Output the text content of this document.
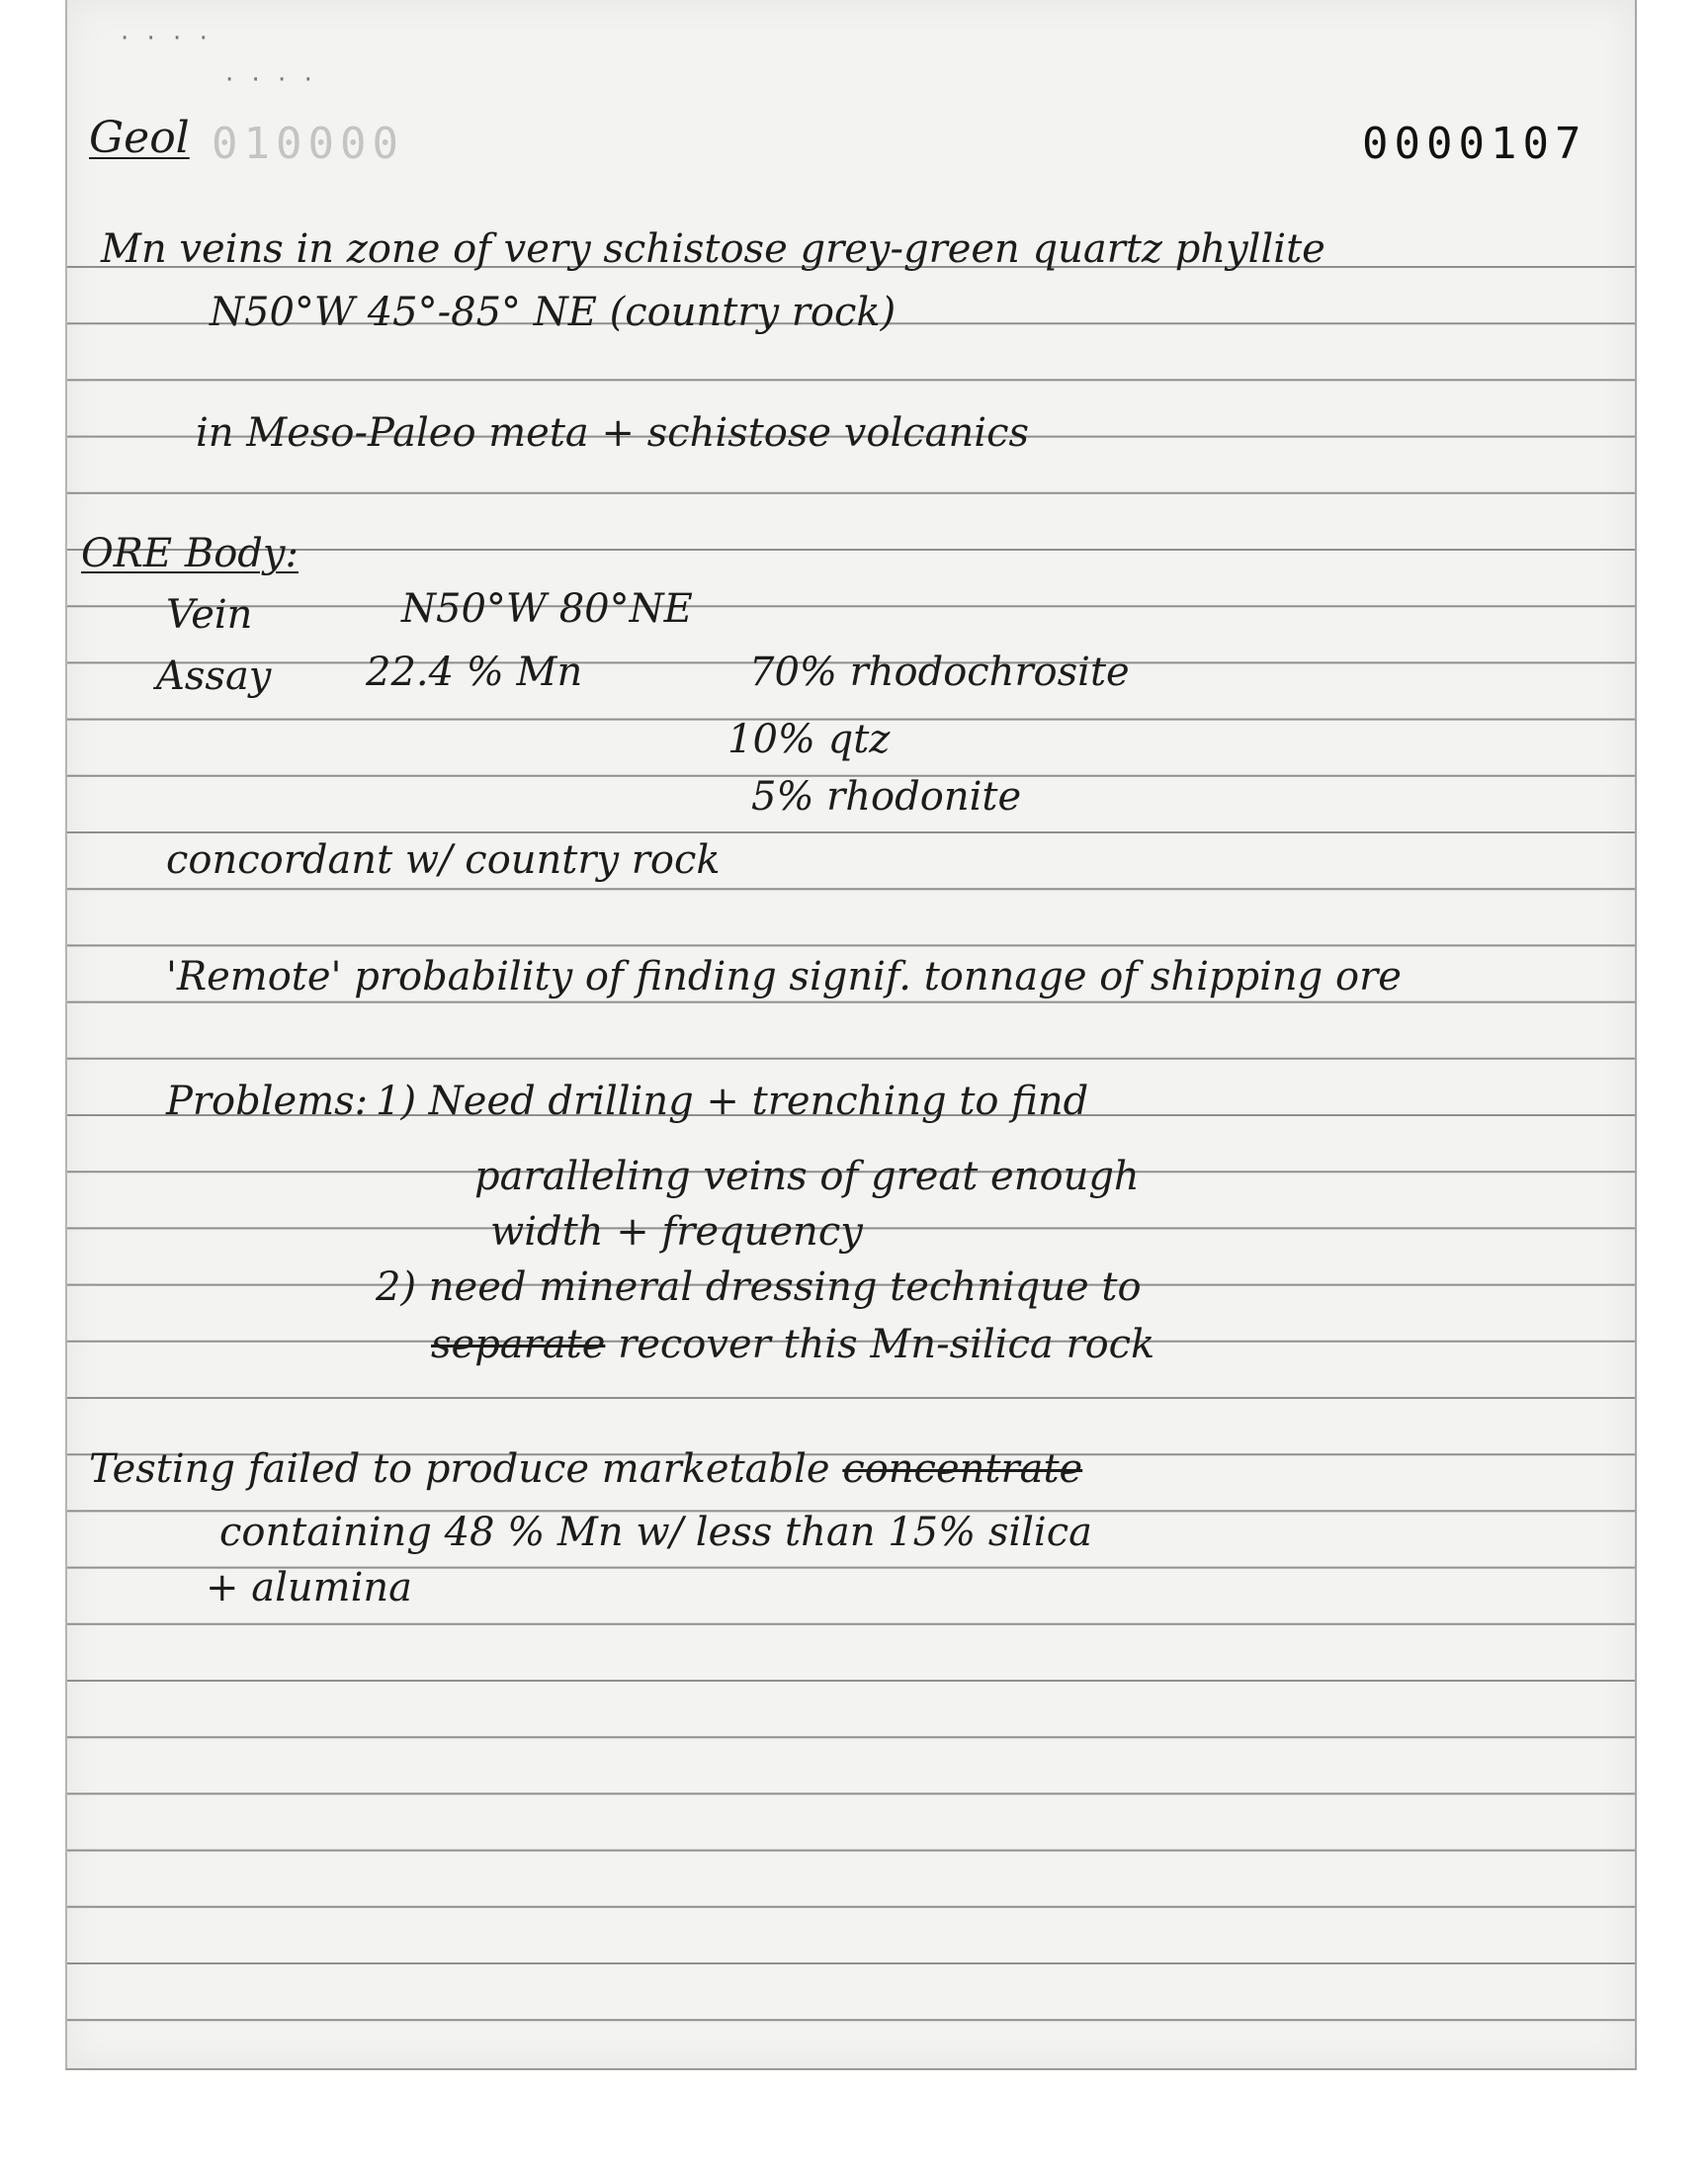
· · · ·
· · · ·
Geol 010000	0000107
Mn veins in zone of very schistose grey-green quartz phyllite
N50°W 45°-85° NE (country rock)
in Meso-Paleo meta + schistose volcanics
ORE Body:
Vein	N50°W 80°NE
Assay 22.4 % Mn	70% rhodochrosite
10% qtz
5% rhodonite
concordant w/ country rock
'Remote' probability of finding signif. tonnage of shipping ore
Problems: 1) Need drilling + trenching to find
paralleling veins of great enough
width + frequency
2) need mineral dressing technique to
separate recover this Mn-silica rock
Testing failed to produce marketable concentrate
containing 48 % Mn w/ less than 15% silica
+ alumina
